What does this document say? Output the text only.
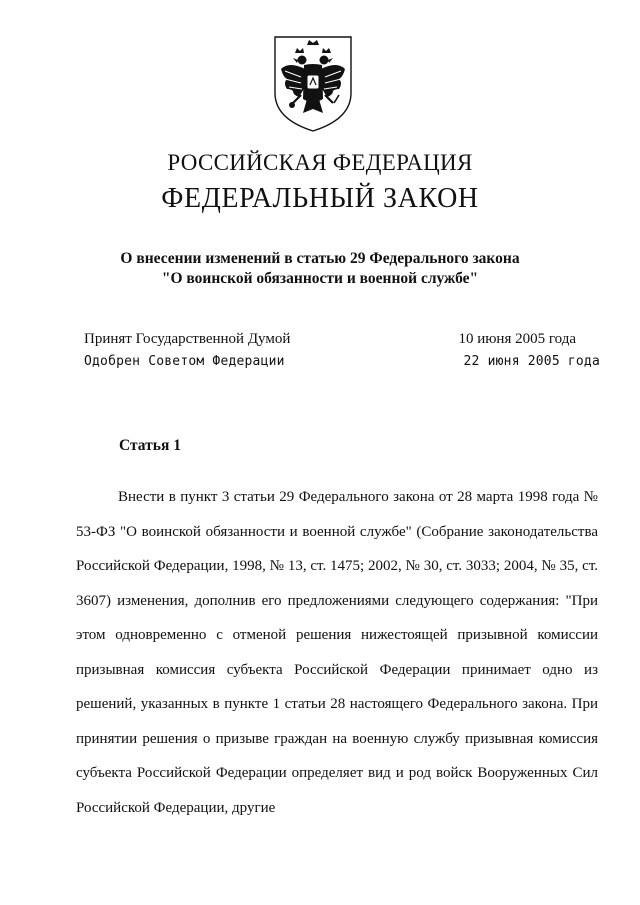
РОССИЙСКАЯ ФЕДЕРАЦИЯ
ФЕДЕРАЛЬНЫЙ ЗАКОН
О внесении изменений в статью 29 Федерального закона
"О воинской обязанности и военной службе"
Принят Государственной Думой	10 июня 2005 года
Одобрен Советом Федерации	22 июня 2005 года
Статья 1

Внести в пункт 3 статьи 29 Федерального закона от 28 марта 1998 года № 53-ФЗ "О воинской обязанности и военной службе" (Собрание законодательства Российской Федерации, 1998, № 13, ст. 1475; 2002, № 30, ст. 3033; 2004, № 35, ст. 3607) изменения, дополнив его предложениями следующего содержания: "При этом одновременно с отменой решения нижестоящей призывной комиссии призывная комиссия субъекта Российской Федерации принимает одно из решений, указанных в пункте 1 статьи 28 настоящего Федерального закона. При принятии решения о призыве граждан на военную службу призывная комиссия субъекта Российской Федерации определяет вид и род войск Вооруженных Сил Российской Федерации, другие
